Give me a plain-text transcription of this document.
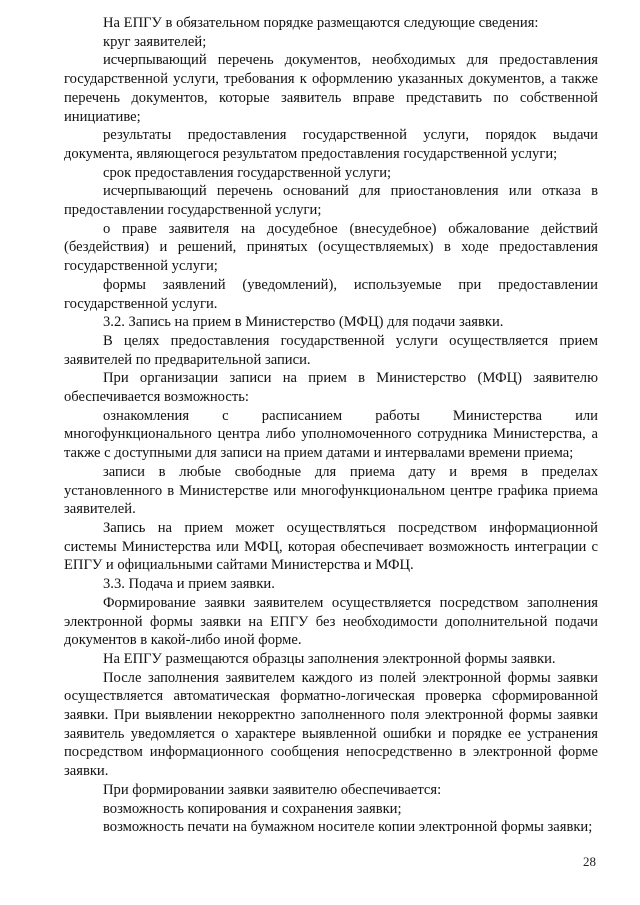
На ЕПГУ в обязательном порядке размещаются следующие сведения:

круг заявителей;

исчерпывающий перечень документов, необходимых для предоставления государственной услуги, требования к оформлению указанных документов, а также перечень документов, которые заявитель вправе представить по собственной инициативе;

результаты предоставления государственной услуги, порядок выдачи документа, являющегося результатом предоставления государственной услуги;

срок предоставления государственной услуги;

исчерпывающий перечень оснований для приостановления или отказа в предоставлении государственной услуги;

о праве заявителя на досудебное (внесудебное) обжалование действий (бездействия) и решений, принятых (осуществляемых) в ходе предоставления государственной услуги;

формы заявлений (уведомлений), используемые при предоставлении государственной услуги.

3.2. Запись на прием в Министерство (МФЦ) для подачи заявки.

В целях предоставления государственной услуги осуществляется прием заявителей по предварительной записи.

При организации записи на прием в Министерство (МФЦ) заявителю обеспечивается возможность:

ознакомления с расписанием работы Министерства или многофункционального центра либо уполномоченного сотрудника Министерства, а также с доступными для записи на прием датами и интервалами времени приема;

записи в любые свободные для приема дату и время в пределах установленного в Министерстве или многофункциональном центре графика приема заявителей.

Запись на прием может осуществляться посредством информационной системы Министерства или МФЦ, которая обеспечивает возможность интеграции с ЕПГУ и официальными сайтами Министерства и МФЦ.

3.3. Подача и прием заявки.

Формирование заявки заявителем осуществляется посредством заполнения электронной формы заявки на ЕПГУ без необходимости дополнительной подачи документов в какой-либо иной форме.

На ЕПГУ размещаются образцы заполнения электронной формы заявки.

После заполнения заявителем каждого из полей электронной формы заявки осуществляется автоматическая форматно-логическая проверка сформированной заявки. При выявлении некорректно заполненного поля электронной формы заявки заявитель уведомляется о характере выявленной ошибки и порядке ее устранения посредством информационного сообщения непосредственно в электронной форме заявки.

При формировании заявки заявителю обеспечивается:

возможность копирования и сохранения заявки;

возможность печати на бумажном носителе копии электронной формы заявки;

28
